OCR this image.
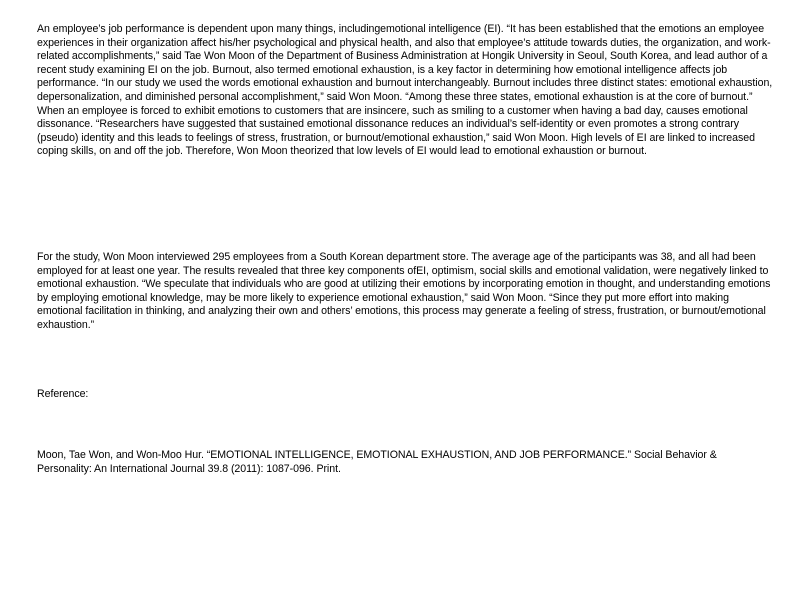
An employee’s job performance is dependent upon many things, includingemotional intelligence (EI). “It has been established that the emotions an employee experiences in their organization affect his/her psychological and physical health, and also that employee’s attitude towards duties, the organization, and work-related accomplishments,” said Tae Won Moon of the Department of Business Administration at Hongik University in Seoul, South Korea, and lead author of a recent study examining EI on the job. Burnout, also termed emotional exhaustion, is a key factor in determining how emotional intelligence affects job performance. “In our study we used the words emotional exhaustion and burnout interchangeably. Burnout includes three distinct states: emotional exhaustion, depersonalization, and diminished personal accomplishment,” said Won Moon. “Among these three states, emotional exhaustion is at the core of burnout.” When an employee is forced to exhibit emotions to customers that are insincere, such as smiling to a customer when having a bad day, causes emotional dissonance. “Researchers have suggested that sustained emotional dissonance reduces an individual’s self-identity or even promotes a strong contrary (pseudo) identity and this leads to feelings of stress, frustration, or burnout/emotional exhaustion,” said Won Moon. High levels of EI are linked to increased coping skills, on and off the job. Therefore, Won Moon theorized that low levels of EI would lead to emotional exhaustion or burnout.

For the study, Won Moon interviewed 295 employees from a South Korean department store. The average age of the participants was 38, and all had been employed for at least one year. The results revealed that three key components ofEI, optimism, social skills and emotional validation, were negatively linked to emotional exhaustion. “We speculate that individuals who are good at utilizing their emotions by incorporating emotion in thought, and understanding emotions by employing emotional knowledge, may be more likely to experience emotional exhaustion,” said Won Moon. “Since they put more effort into making emotional facilitation in thinking, and analyzing their own and others’ emotions, this process may generate a feeling of stress, frustration, or burnout/emotional exhaustion.”

Reference:

Moon, Tae Won, and Won-Moo Hur. “EMOTIONAL INTELLIGENCE, EMOTIONAL EXHAUSTION, AND JOB PERFORMANCE.” Social Behavior & Personality: An International Journal 39.8 (2011): 1087-096. Print.
